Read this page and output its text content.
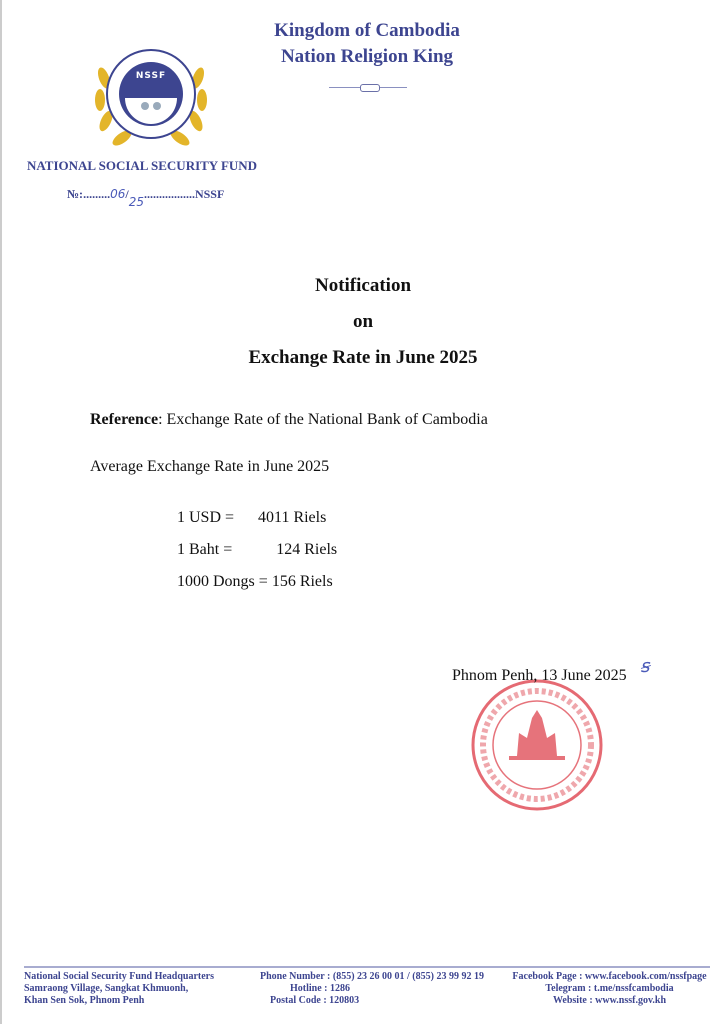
Kingdom of Cambodia
Nation Religion King
NSSF
NATIONAL SOCIAL SECURITY FUND
№:.........06/25.................NSSF
Notification
on
Exchange Rate in June 2025
Reference: Exchange Rate of the National Bank of Cambodia
Average Exchange Rate in June 2025
1 USD = 4011 Riels
1 Baht =	124 Riels
1000 Dongs = 156 Riels
Phnom Penh, 13 June 2025 ꞩ
National Social Security Fund Headquarters
Samraong Village, Sangkat Khmuonh,
Khan Sen Sok, Phnom Penh
Phone Number : (855) 23 26 00 01 / (855) 23 99 92 19
Hotline : 1286
Postal Code : 120803
Facebook Page : www.facebook.com/nssfpage
Telegram : t.me/nssfcambodia
Website : www.nssf.gov.kh
